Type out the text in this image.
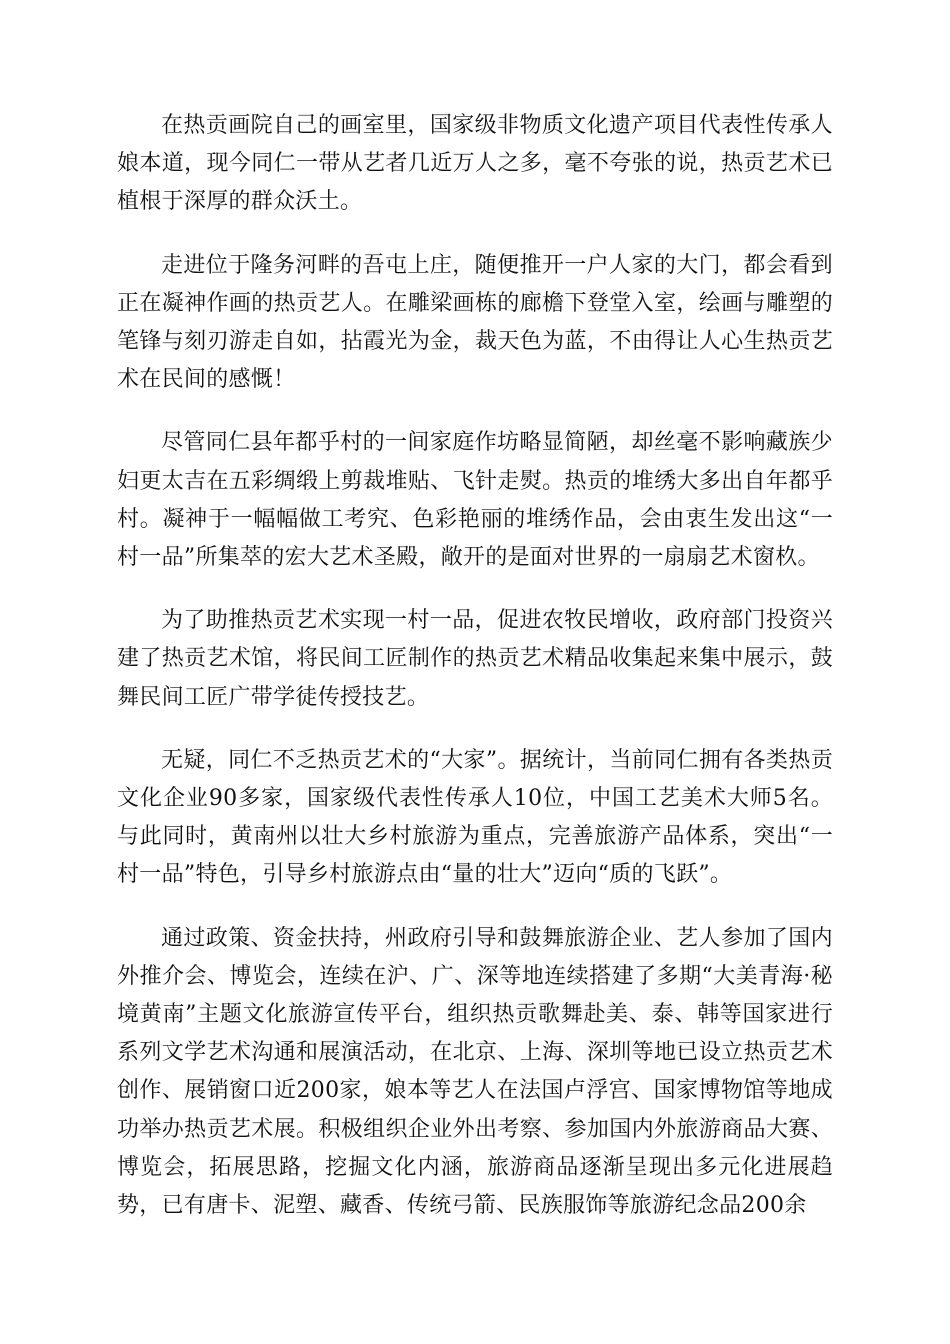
在热贡画院自己的画室里，国家级非物质文化遗产项目代表性传承人娘本道，现今同仁一带从艺者几近万人之多，毫不夸张的说，热贡艺术已植根于深厚的群众沃土。

走进位于隆务河畔的吾屯上庄，随便推开一户人家的大门，都会看到正在凝神作画的热贡艺人。在雕梁画栋的廊檐下登堂入室，绘画与雕塑的笔锋与刻刃游走自如，拈霞光为金，裁天色为蓝，不由得让人心生热贡艺术在民间的感慨！

尽管同仁县年都乎村的一间家庭作坊略显简陋，却丝毫不影响藏族少妇更太吉在五彩绸缎上剪裁堆贴、飞针走熨。热贡的堆绣大多出自年都乎村。凝神于一幅幅做工考究、色彩艳丽的堆绣作品，会由衷生发出这“一村一品”所集萃的宏大艺术圣殿，敞开的是面对世界的一扇扇艺术窗杦。

为了助推热贡艺术实现一村一品，促进农牧民增收，政府部门投资兴建了热贡艺术馆，将民间工匠制作的热贡艺术精品收集起来集中展示，鼓舞民间工匠广带学徒传授技艺。

无疑，同仁不乏热贡艺术的“大家”。据统计，当前同仁拥有各类热贡文化企业90多家，国家级代表性传承人10位，中国工艺美术大师5名。与此同时，黄南州以壮大乡村旅游为重点，完善旅游产品体系，突出“一村一品”特色，引导乡村旅游点由“量的壮大”迈向“质的飞跃”。

通过政策、资金扶持，州政府引导和鼓舞旅游企业、艺人参加了国内外推介会、博览会，连续在沪、广、深等地连续搭建了多期“大美青海·秘境黄南”主题文化旅游宣传平台，组织热贡歌舞赴美、泰、韩等国家进行系列文学艺术沟通和展演活动，在北京、上海、深圳等地已设立热贡艺术创作、展销窗口近200家，娘本等艺人在法国卢浮宫、国家博物馆等地成功举办热贡艺术展。积极组织企业外出考察、参加国内外旅游商品大赛、博览会，拓展思路，挖掘文化内涵，旅游商品逐渐呈现出多元化进展趋势，已有唐卡、泥塑、藏香、传统弓箭、民族服饰等旅游纪念品200余
